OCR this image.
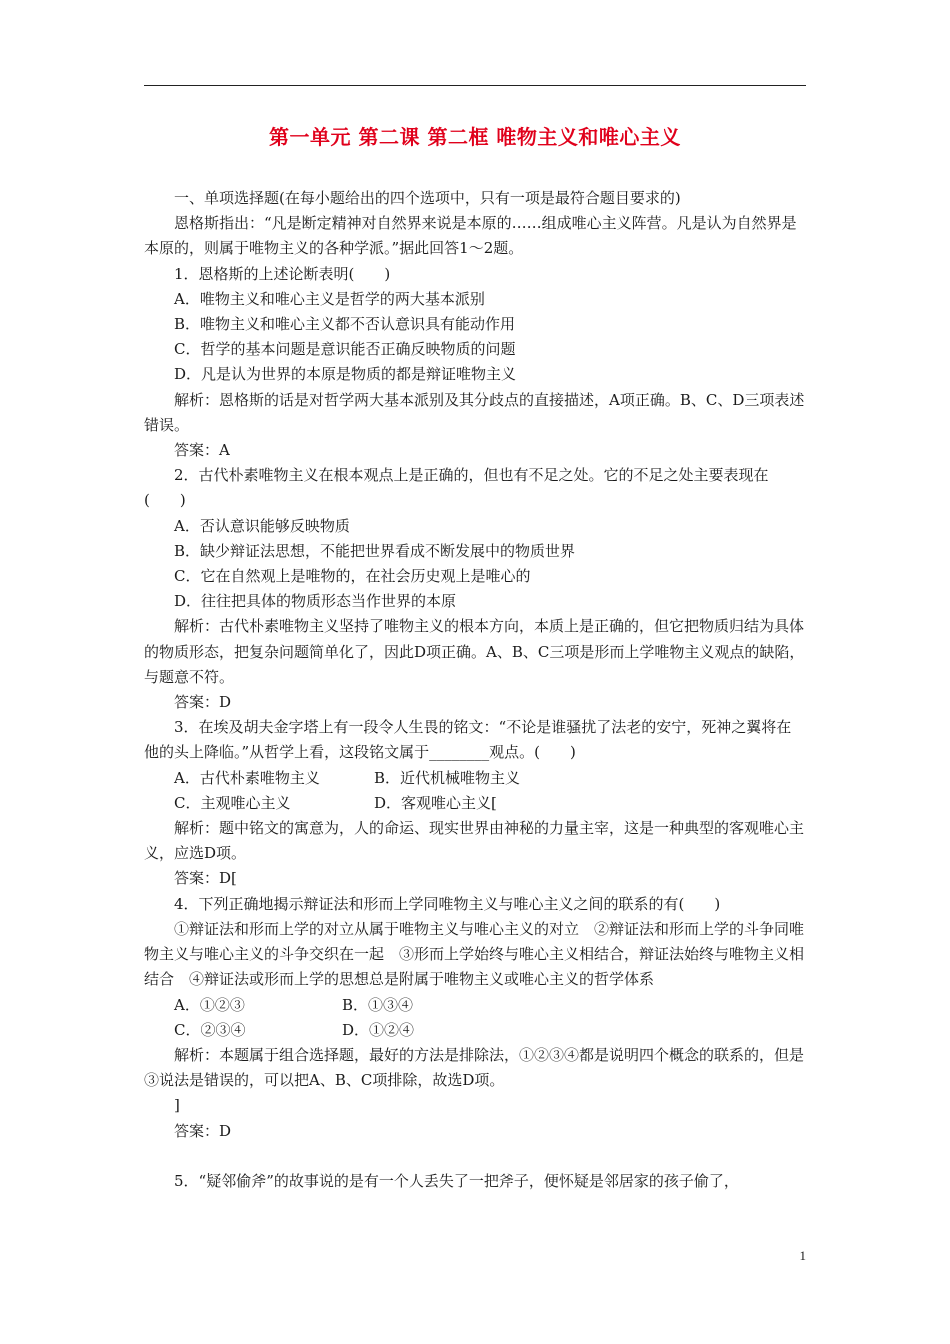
第一单元 第二课 第二框 唯物主义和唯心主义

一、单项选择题(在每小题给出的四个选项中，只有一项是最符合题目要求的)

恩格斯指出：“凡是断定精神对自然界来说是本原的……组成唯心主义阵营。凡是认为自然界是本原的，则属于唯物主义的各种学派。”据此回答1～2题。

1．恩格斯的上述论断表明(　　)

A．唯物主义和唯心主义是哲学的两大基本派别

B．唯物主义和唯心主义都不否认意识具有能动作用

C．哲学的基本问题是意识能否正确反映物质的问题

D．凡是认为世界的本原是物质的都是辩证唯物主义

解析：恩格斯的话是对哲学两大基本派别及其分歧点的直接描述，A项正确。B、C、D三项表述错误。

答案：A

2．古代朴素唯物主义在根本观点上是正确的，但也有不足之处。它的不足之处主要表现在(　　)

A．否认意识能够反映物质

B．缺少辩证法思想，不能把世界看成不断发展中的物质世界

C．它在自然观上是唯物的，在社会历史观上是唯心的

D．往往把具体的物质形态当作世界的本原

解析：古代朴素唯物主义坚持了唯物主义的根本方向，本质上是正确的，但它把物质归结为具体的物质形态，把复杂问题简单化了，因此D项正确。A、B、C三项是形而上学唯物主义观点的缺陷，与题意不符。

答案：D

3．在埃及胡夫金字塔上有一段令人生畏的铭文：“不论是谁骚扰了法老的安宁，死神之翼将在他的头上降临。”从哲学上看，这段铭文属于________观点。(　　)

A．古代朴素唯物主义	B．近代机械唯物主义
C．主观唯心主义	D．客观唯心主义[

解析：题中铭文的寓意为，人的命运、现实世界由神秘的力量主宰，这是一种典型的客观唯心主义，应选D项。

答案：D[

4．下列正确地揭示辩证法和形而上学同唯物主义与唯心主义之间的联系的有(　　)

①辩证法和形而上学的对立从属于唯物主义与唯心主义的对立　②辩证法和形而上学的斗争同唯物主义与唯心主义的斗争交织在一起　③形而上学始终与唯心主义相结合，辩证法始终与唯物主义相结合　④辩证法或形而上学的思想总是附属于唯物主义或唯心主义的哲学体系

A．①②③	B．①③④
C．②③④	D．①②④

解析：本题属于组合选择题，最好的方法是排除法，①②③④都是说明四个概念的联系的，但是③说法是错误的，可以把A、B、C项排除，故选D项。

]

答案：D

5．“疑邻偷斧”的故事说的是有一个人丢失了一把斧子，便怀疑是邻居家的孩子偷了，

1
